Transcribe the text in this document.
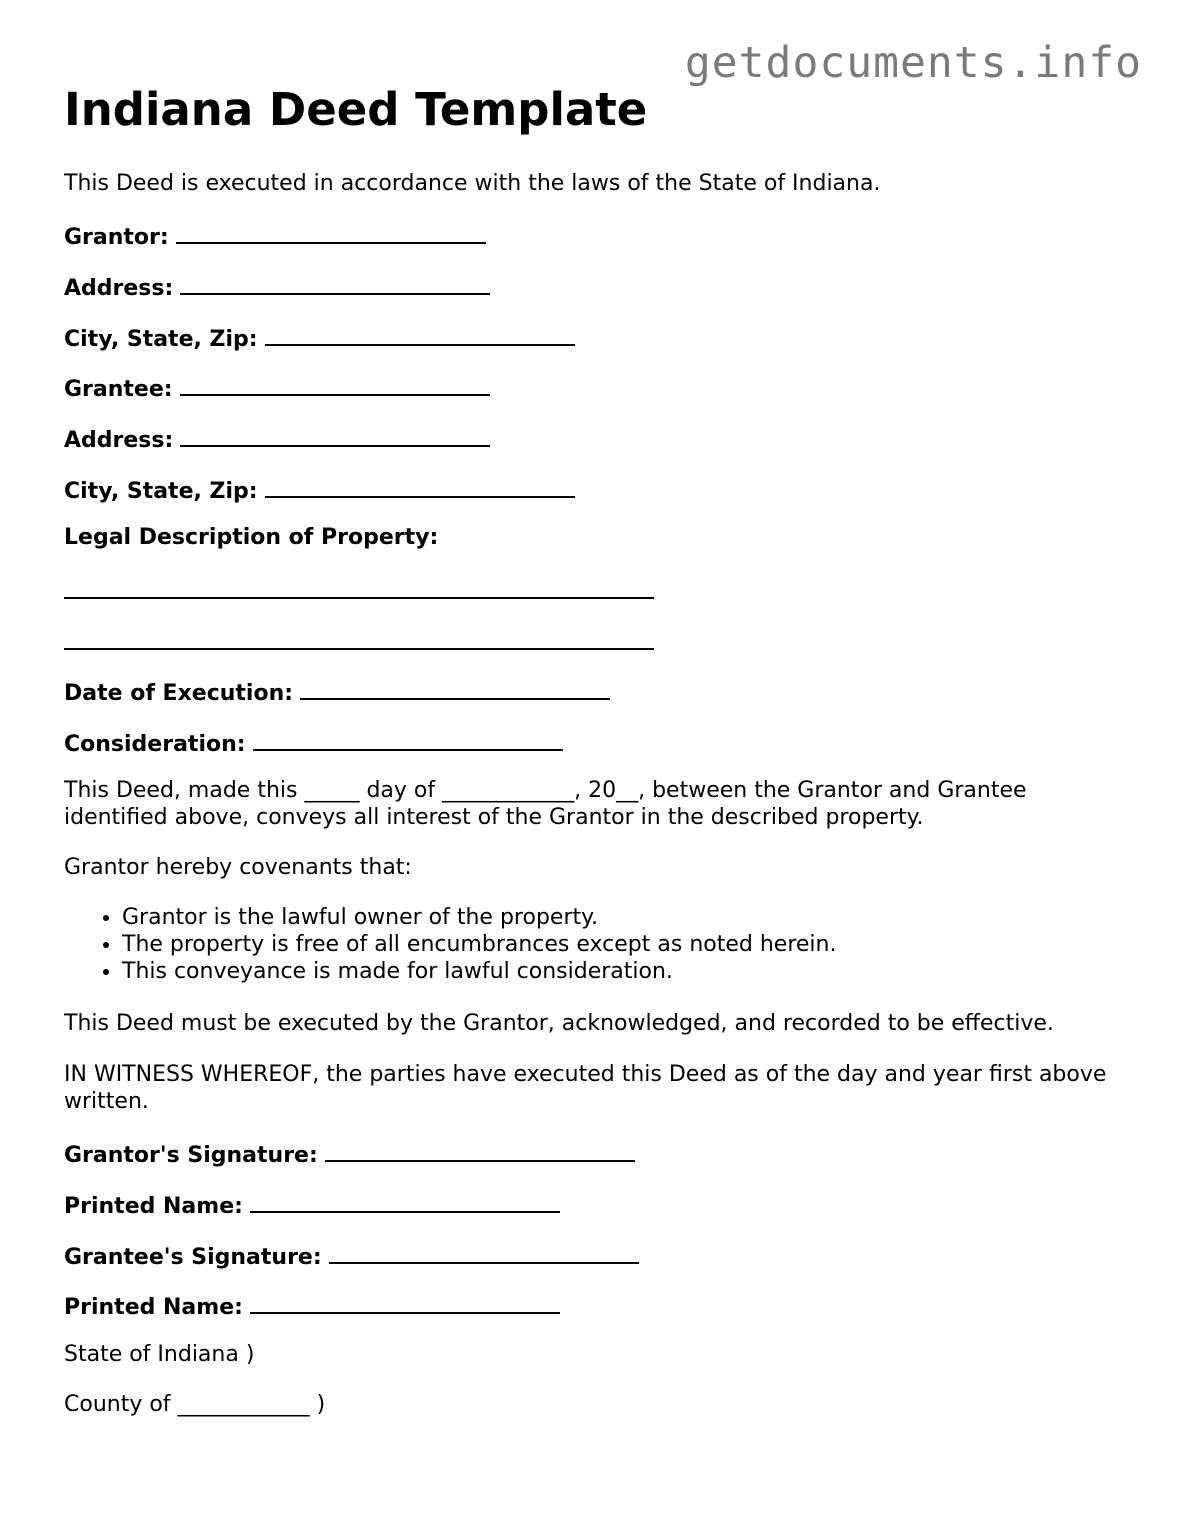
getdocuments.info
Indiana Deed Template
This Deed is executed in accordance with the laws of the State of Indiana.
Grantor:
Address:
City, State, Zip:
Grantee:
Address:
City, State, Zip:
Legal Description of Property:
Date of Execution:
Consideration:
This Deed, made this _____ day of ____________, 20__, between the Grantor and Grantee identified above, conveys all interest of the Grantor in the described property.
Grantor hereby covenants that:
• Grantor is the lawful owner of the property.
• The property is free of all encumbrances except as noted herein.
• This conveyance is made for lawful consideration.
This Deed must be executed by the Grantor, acknowledged, and recorded to be effective.
IN WITNESS WHEREOF, the parties have executed this Deed as of the day and year first above written.
Grantor's Signature:
Printed Name:
Grantee's Signature:
Printed Name:
State of Indiana )
County of ____________ )
